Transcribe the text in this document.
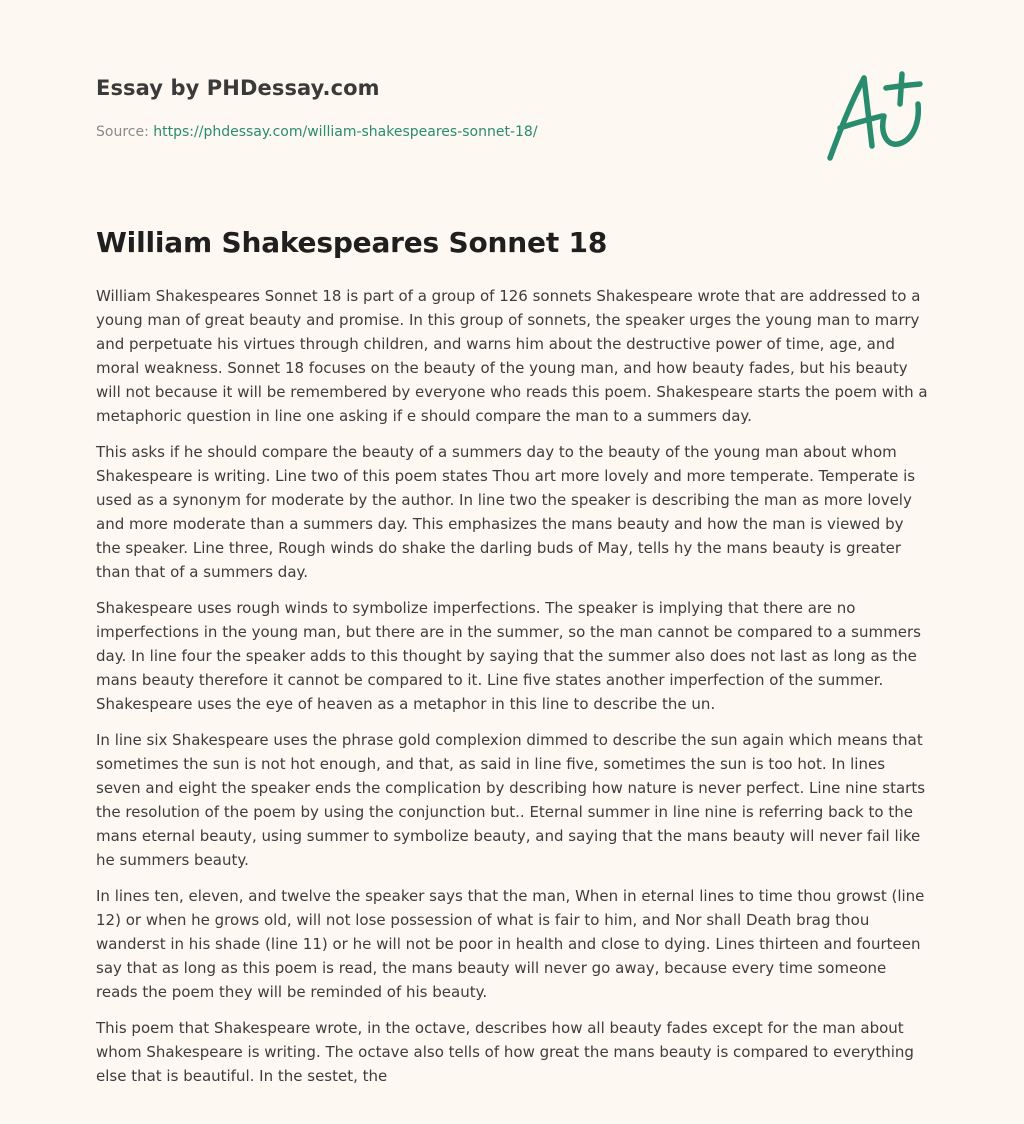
Essay by PHDessay.com
Source: https://phdessay.com/william-shakespeares-sonnet-18/
William Shakespeares Sonnet 18

William Shakespeares Sonnet 18 is part of a group of 126 sonnets Shakespeare wrote that are addressed to a young man of great beauty and promise. In this group of sonnets, the speaker urges the young man to marry and perpetuate his virtues through children, and warns him about the destructive power of time, age, and moral weakness. Sonnet 18 focuses on the beauty of the young man, and how beauty fades, but his beauty will not because it will be remembered by everyone who reads this poem. Shakespeare starts the poem with a metaphoric question in line one asking if e should compare the man to a summers day.

This asks if he should compare the beauty of a summers day to the beauty of the young man about whom Shakespeare is writing. Line two of this poem states Thou art more lovely and more temperate. Temperate is used as a synonym for moderate by the author. In line two the speaker is describing the man as more lovely and more moderate than a summers day. This emphasizes the mans beauty and how the man is viewed by the speaker. Line three, Rough winds do shake the darling buds of May, tells hy the mans beauty is greater than that of a summers day.

Shakespeare uses rough winds to symbolize imperfections. The speaker is implying that there are no imperfections in the young man, but there are in the summer, so the man cannot be compared to a summers day. In line four the speaker adds to this thought by saying that the summer also does not last as long as the mans beauty therefore it cannot be compared to it. Line five states another imperfection of the summer. Shakespeare uses the eye of heaven as a metaphor in this line to describe the un.

In line six Shakespeare uses the phrase gold complexion dimmed to describe the sun again which means that sometimes the sun is not hot enough, and that, as said in line five, sometimes the sun is too hot. In lines seven and eight the speaker ends the complication by describing how nature is never perfect. Line nine starts the resolution of the poem by using the conjunction but.. Eternal summer in line nine is referring back to the mans eternal beauty, using summer to symbolize beauty, and saying that the mans beauty will never fail like he summers beauty.

In lines ten, eleven, and twelve the speaker says that the man, When in eternal lines to time thou growst (line 12) or when he grows old, will not lose possession of what is fair to him, and Nor shall Death brag thou wanderst in his shade (line 11) or he will not be poor in health and close to dying. Lines thirteen and fourteen say that as long as this poem is read, the mans beauty will never go away, because every time someone reads the poem they will be reminded of his beauty.

This poem that Shakespeare wrote, in the octave, describes how all beauty fades except for the man about whom Shakespeare is writing. The octave also tells of how great the mans beauty is compared to everything else that is beautiful. In the sestet, the
